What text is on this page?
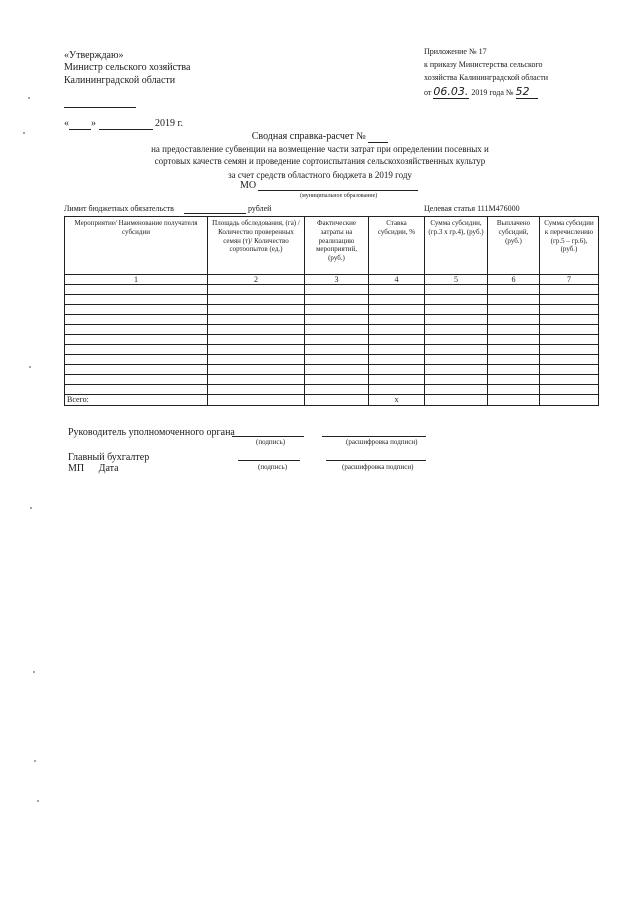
«Утверждаю»
Министр сельского хозяйства
Калининградской области
Приложение № 17
к приказу Министерства сельского
хозяйства Калининградской области
от 06.03. 2019 года № 52
« »	2019 г.
Сводная справка-расчет №
на предоставление субвенции на возмещение части затрат при определении посевных и
сортовых качеств семян и проведение сортоиспытания сельскохозяйственных культур
за счет средств областного бюджета в 2019 году
МО
(муниципальное образование)
Лимит бюджетных обязательств	рублей	Целевая статья 111М476000
Мероприятие/ Наименование получателя субсидии	Площадь обследования, (га) / Количество проверенных семян (т)/ Количество сортоопытов (ед.)	Фактические затраты на реализацию мероприятий, (руб.)	Ставка субсидии, %	Сумма субсидии, (гр.3 х гр.4), (руб.)	Выплачено субсидий, (руб.)	Сумма субсидии к перечислению (гр.5 – гр.6), (руб.)
1	2	3	4	5	6	7

Всего:			х			
Руководитель уполномоченного органа
(подпись)	(расшифровка подписи)
Главный бухгалтер
МП Дата	(подпись)	(расшифровка подписи)
